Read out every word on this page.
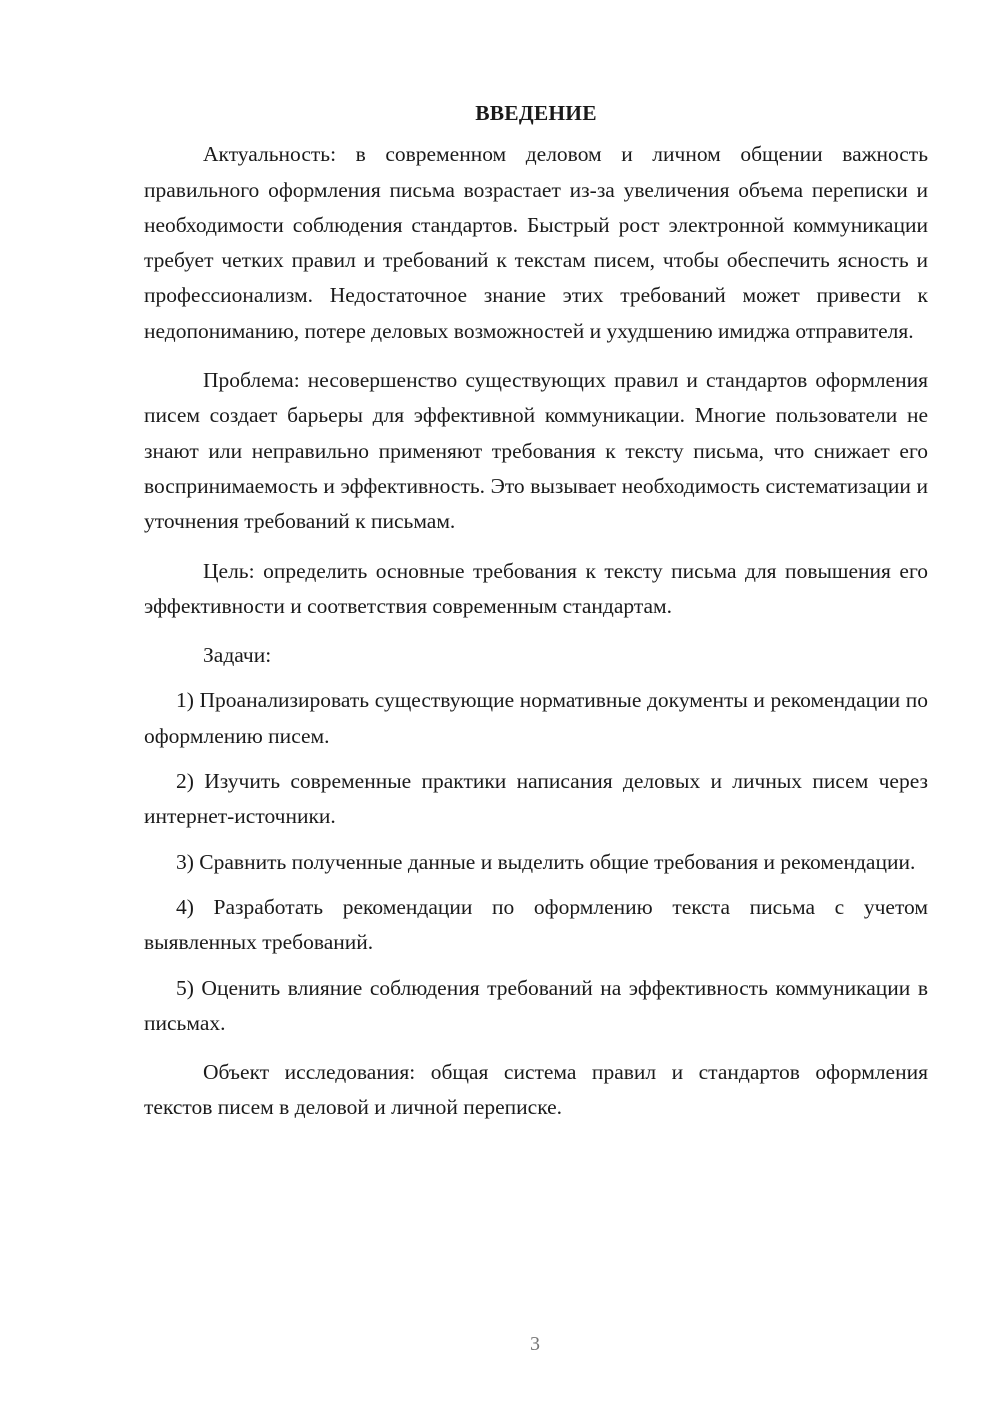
ВВЕДЕНИЕ

Актуальность: в современном деловом и личном общении важность правильного оформления письма возрастает из-за увеличения объема переписки и необходимости соблюдения стандартов. Быстрый рост электронной коммуникации требует четких правил и требований к текстам писем, чтобы обеспечить ясность и профессионализм. Недостаточное знание этих требований может привести к недопониманию, потере деловых возможностей и ухудшению имиджа отправителя.

Проблема: несовершенство существующих правил и стандартов оформления писем создает барьеры для эффективной коммуникации. Многие пользователи не знают или неправильно применяют требования к тексту письма, что снижает его воспринимаемость и эффективность. Это вызывает необходимость систематизации и уточнения требований к письмам.

Цель: определить основные требования к тексту письма для повышения его эффективности и соответствия современным стандартам.

Задачи:

1) Проанализировать существующие нормативные документы и рекомендации по оформлению писем.

2) Изучить современные практики написания деловых и личных писем через интернет-источники.

3) Сравнить полученные данные и выделить общие требования и рекомендации.

4) Разработать рекомендации по оформлению текста письма с учетом выявленных требований.

5) Оценить влияние соблюдения требований на эффективность коммуникации в письмах.

Объект исследования: общая система правил и стандартов оформления текстов писем в деловой и личной переписке.

3
